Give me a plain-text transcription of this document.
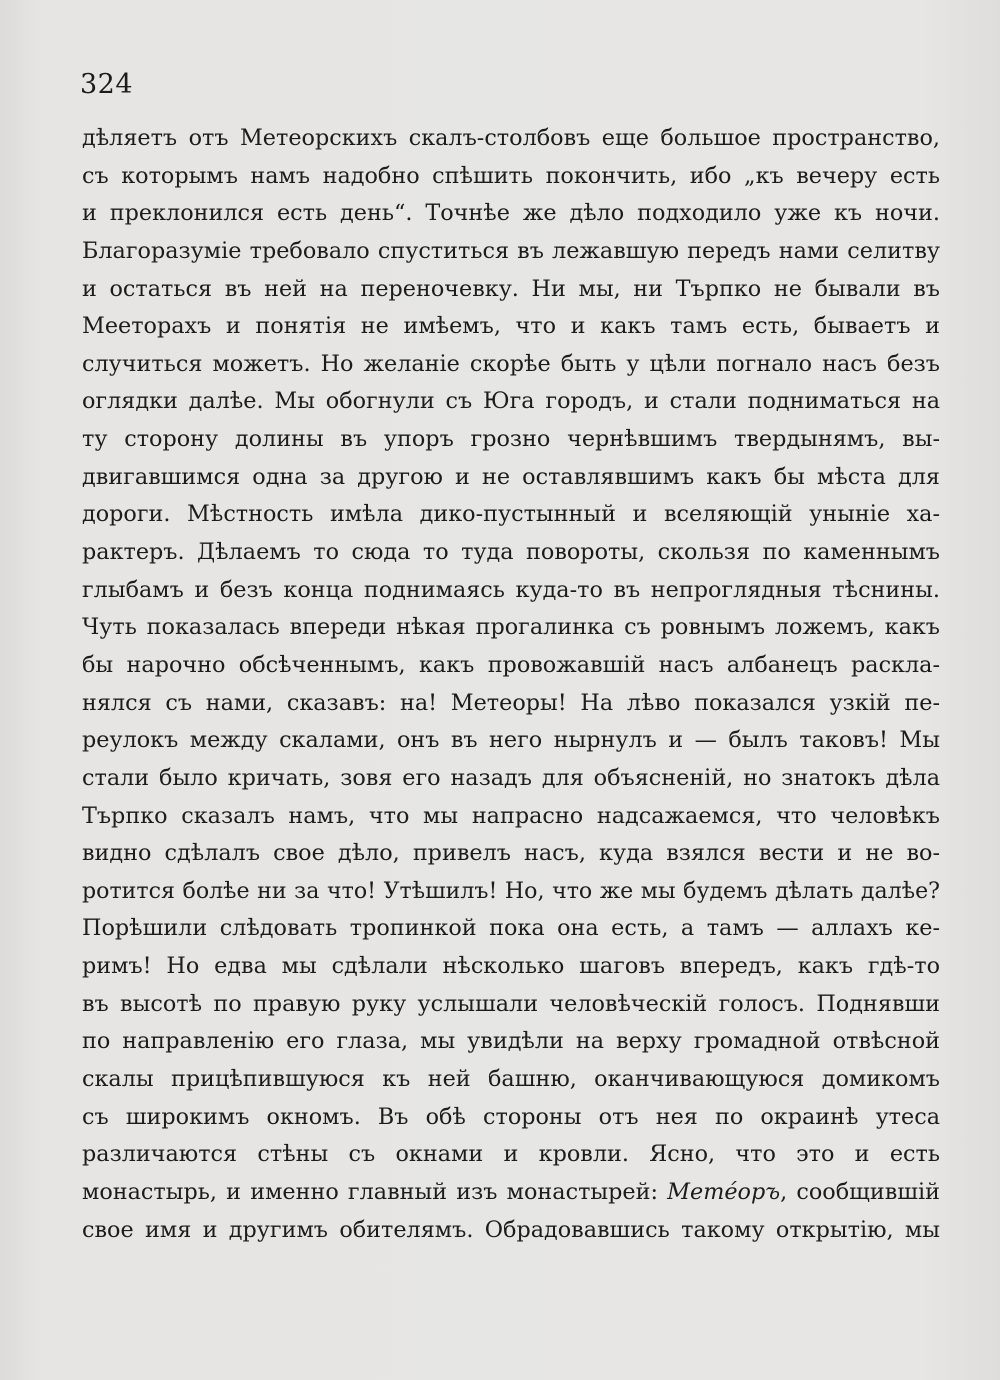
324
дѣляетъ отъ Метеорскихъ скалъ-столбовъ еще большое пространство,
съ которымъ намъ надобно спѣшить покончить, ибо „къ вечеру есть
и преклонился есть день“. Точнѣе же дѣло подходило уже къ ночи.
Благоразуміе требовало спуститься въ лежавшую передъ нами селитву
и остаться въ ней на переночевку. Ни мы, ни Търпко не бывали въ
Меeторахъ и понятія не имѣемъ, что и какъ тамъ есть, бываетъ и
случиться можетъ. Но желаніе скорѣе быть у цѣли погнало насъ безъ
оглядки далѣе. Мы обогнули съ Юга городъ, и стали подниматься на
ту сторону долины въ упоръ грозно чернѣвшимъ твердынямъ, вы-
двигавшимся одна за другою и не оставлявшимъ какъ бы мѣста для
дороги. Мѣстность имѣла дико-пустынный и вселяющій уныніе ха-
рактеръ. Дѣлаемъ то сюда то туда повороты, скользя по каменнымъ
глыбамъ и безъ конца поднимаясь куда-то въ непроглядныя тѣснины.
Чуть показалась впереди нѣкая прогалинка съ ровнымъ ложемъ, какъ
бы нарочно обсѣченнымъ, какъ провожавшій насъ албанецъ раскла-
нялся съ нами, сказавъ: на! Метеоры! На лѣво показался узкій пе-
реулокъ между скалами, онъ въ него нырнулъ и — былъ таковъ! Мы
стали было кричать, зовя его назадъ для объясненій, но знатокъ дѣла
Търпко сказалъ намъ, что мы напрасно надсажаемся, что человѣкъ
видно сдѣлалъ свое дѣло, привелъ насъ, куда взялся вести и не во-
ротится болѣе ни за что! Утѣшилъ! Но, что же мы будемъ дѣлать далѣе?
Порѣшили слѣдовать тропинкой пока она есть, а тамъ — аллахъ ке-
римъ! Но едва мы сдѣлали нѣсколько шаговъ впередъ, какъ гдѣ-то
въ высотѣ по правую руку услышали человѣческій голосъ. Поднявши
по направленію его глаза, мы увидѣли на верху громадной отвѣсной
скалы прицѣпившуюся къ ней башню, оканчивающуюся домикомъ
съ широкимъ окномъ. Въ обѣ стороны отъ нея по окраинѣ утеса
различаются стѣны съ окнами и кровли. Ясно, что это и есть
монастырь, и именно главный изъ монастырей: Метéоръ, сообщившій
свое имя и другимъ обителямъ. Обрадовавшись такому открытію, мы
